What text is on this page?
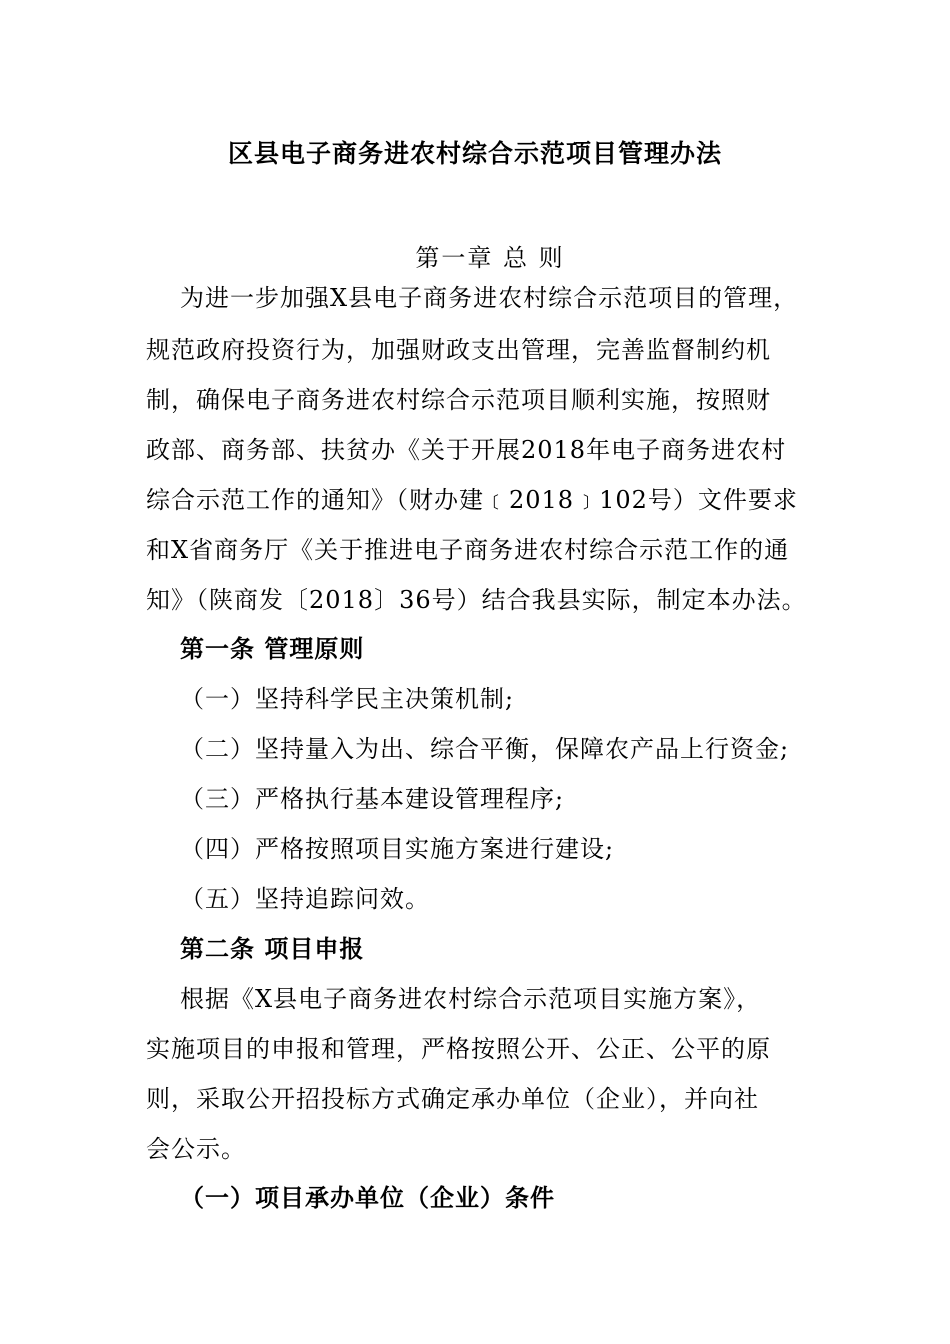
区县电子商务进农村综合示范项目管理办法
第一章 总 则
为进一步加强X县电子商务进农村综合示范项目的管理，
规范政府投资行为，加强财政支出管理，完善监督制约机
制，确保电子商务进农村综合示范项目顺利实施，按照财
政部、商务部、扶贫办《关于开展2018年电子商务进农村
综合示范工作的通知》（财办建﹝2018﹞102号）文件要求
和X省商务厅《关于推进电子商务进农村综合示范工作的通
知》（陕商发〔2018〕36号）结合我县实际，制定本办法。
第一条 管理原则
（一）坚持科学民主决策机制;
（二）坚持量入为出、综合平衡，保障农产品上行资金;
（三）严格执行基本建设管理程序;
（四）严格按照项目实施方案进行建设;
（五）坚持追踪问效。
第二条 项目申报
根据《X县电子商务进农村综合示范项目实施方案》，
实施项目的申报和管理，严格按照公开、公正、公平的原
则，采取公开招投标方式确定承办单位（企业），并向社
会公示。
（一）项目承办单位（企业）条件
